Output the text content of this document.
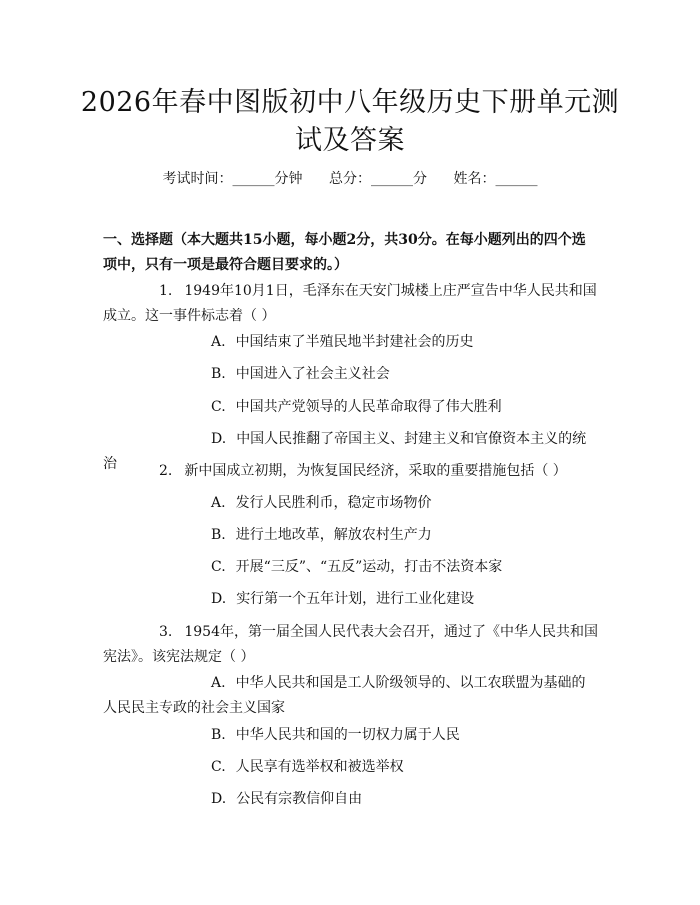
2026年春中图版初中八年级历史下册单元测试及答案
考试时间：______分钟 总分：______分 姓名：______
一、选择题（本大题共15小题，每小题2分，共30分。在每小题列出的四个选项中，只有一项是最符合题目要求的。）
1. 1949年10月1日，毛泽东在天安门城楼上庄严宣告中华人民共和国成立。这一事件标志着（ ）
A. 中国结束了半殖民地半封建社会的历史
B. 中国进入了社会主义社会
C. 中国共产党领导的人民革命取得了伟大胜利
D. 中国人民推翻了帝国主义、封建主义和官僚资本主义的统治	2. 新中国成立初期，为恢复国民经济，采取的重要措施包括（ ）
A. 发行人民胜利币，稳定市场物价
B. 进行土地改革，解放农村生产力
C. 开展“三反”、“五反”运动，打击不法资本家
D. 实行第一个五年计划，进行工业化建设
3. 1954年，第一届全国人民代表大会召开，通过了《中华人民共和国宪法》。该宪法规定（ ）
A. 中华人民共和国是工人阶级领导的、以工农联盟为基础的人民民主专政的社会主义国家
B. 中华人民共和国的一切权力属于人民
C. 人民享有选举权和被选举权
D. 公民有宗教信仰自由
